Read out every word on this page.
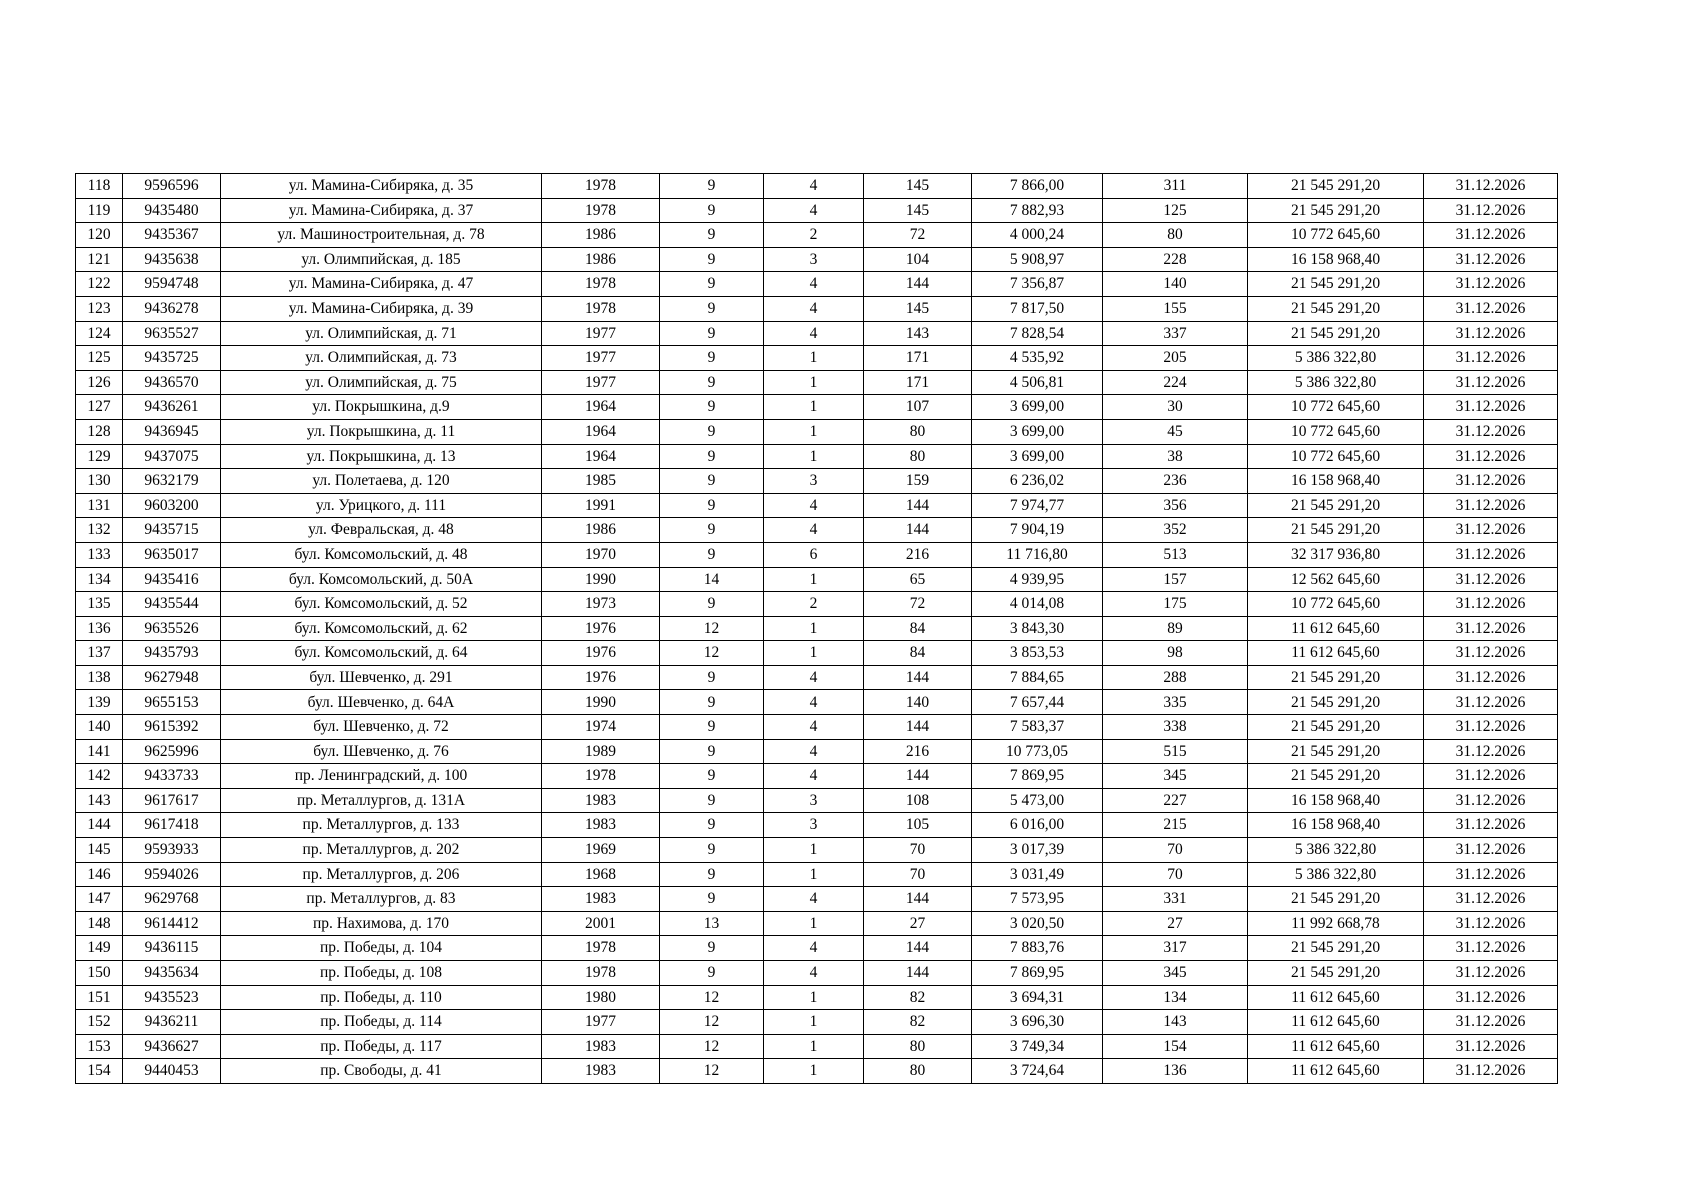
118	9596596	ул. Мамина-Сибиряка, д. 35	1978	9	4	145	7 866,00	311	21 545 291,20	31.12.2026
119	9435480	ул. Мамина-Сибиряка, д. 37	1978	9	4	145	7 882,93	125	21 545 291,20	31.12.2026
120	9435367	ул. Машиностроительная, д. 78	1986	9	2	72	4 000,24	80	10 772 645,60	31.12.2026
121	9435638	ул. Олимпийская, д. 185	1986	9	3	104	5 908,97	228	16 158 968,40	31.12.2026
122	9594748	ул. Мамина-Сибиряка, д. 47	1978	9	4	144	7 356,87	140	21 545 291,20	31.12.2026
123	9436278	ул. Мамина-Сибиряка, д. 39	1978	9	4	145	7 817,50	155	21 545 291,20	31.12.2026
124	9635527	ул. Олимпийская, д. 71	1977	9	4	143	7 828,54	337	21 545 291,20	31.12.2026
125	9435725	ул. Олимпийская, д. 73	1977	9	1	171	4 535,92	205	5 386 322,80	31.12.2026
126	9436570	ул. Олимпийская, д. 75	1977	9	1	171	4 506,81	224	5 386 322,80	31.12.2026
127	9436261	ул. Покрышкина, д.9	1964	9	1	107	3 699,00	30	10 772 645,60	31.12.2026
128	9436945	ул. Покрышкина, д. 11	1964	9	1	80	3 699,00	45	10 772 645,60	31.12.2026
129	9437075	ул. Покрышкина, д. 13	1964	9	1	80	3 699,00	38	10 772 645,60	31.12.2026
130	9632179	ул. Полетаева, д. 120	1985	9	3	159	6 236,02	236	16 158 968,40	31.12.2026
131	9603200	ул. Урицкого, д. 111	1991	9	4	144	7 974,77	356	21 545 291,20	31.12.2026
132	9435715	ул. Февральская, д. 48	1986	9	4	144	7 904,19	352	21 545 291,20	31.12.2026
133	9635017	бул. Комсомольский, д. 48	1970	9	6	216	11 716,80	513	32 317 936,80	31.12.2026
134	9435416	бул. Комсомольский, д. 50А	1990	14	1	65	4 939,95	157	12 562 645,60	31.12.2026
135	9435544	бул. Комсомольский, д. 52	1973	9	2	72	4 014,08	175	10 772 645,60	31.12.2026
136	9635526	бул. Комсомольский, д. 62	1976	12	1	84	3 843,30	89	11 612 645,60	31.12.2026
137	9435793	бул. Комсомольский, д. 64	1976	12	1	84	3 853,53	98	11 612 645,60	31.12.2026
138	9627948	бул. Шевченко, д. 291	1976	9	4	144	7 884,65	288	21 545 291,20	31.12.2026
139	9655153	бул. Шевченко, д. 64А	1990	9	4	140	7 657,44	335	21 545 291,20	31.12.2026
140	9615392	бул. Шевченко, д. 72	1974	9	4	144	7 583,37	338	21 545 291,20	31.12.2026
141	9625996	бул. Шевченко, д. 76	1989	9	4	216	10 773,05	515	21 545 291,20	31.12.2026
142	9433733	пр. Ленинградский, д. 100	1978	9	4	144	7 869,95	345	21 545 291,20	31.12.2026
143	9617617	пр. Металлургов, д. 131А	1983	9	3	108	5 473,00	227	16 158 968,40	31.12.2026
144	9617418	пр. Металлургов, д. 133	1983	9	3	105	6 016,00	215	16 158 968,40	31.12.2026
145	9593933	пр. Металлургов, д. 202	1969	9	1	70	3 017,39	70	5 386 322,80	31.12.2026
146	9594026	пр. Металлургов, д. 206	1968	9	1	70	3 031,49	70	5 386 322,80	31.12.2026
147	9629768	пр. Металлургов, д. 83	1983	9	4	144	7 573,95	331	21 545 291,20	31.12.2026
148	9614412	пр. Нахимова, д. 170	2001	13	1	27	3 020,50	27	11 992 668,78	31.12.2026
149	9436115	пр. Победы, д. 104	1978	9	4	144	7 883,76	317	21 545 291,20	31.12.2026
150	9435634	пр. Победы, д. 108	1978	9	4	144	7 869,95	345	21 545 291,20	31.12.2026
151	9435523	пр. Победы, д. 110	1980	12	1	82	3 694,31	134	11 612 645,60	31.12.2026
152	9436211	пр. Победы, д. 114	1977	12	1	82	3 696,30	143	11 612 645,60	31.12.2026
153	9436627	пр. Победы, д. 117	1983	12	1	80	3 749,34	154	11 612 645,60	31.12.2026
154	9440453	пр. Свободы, д. 41	1983	12	1	80	3 724,64	136	11 612 645,60	31.12.2026
